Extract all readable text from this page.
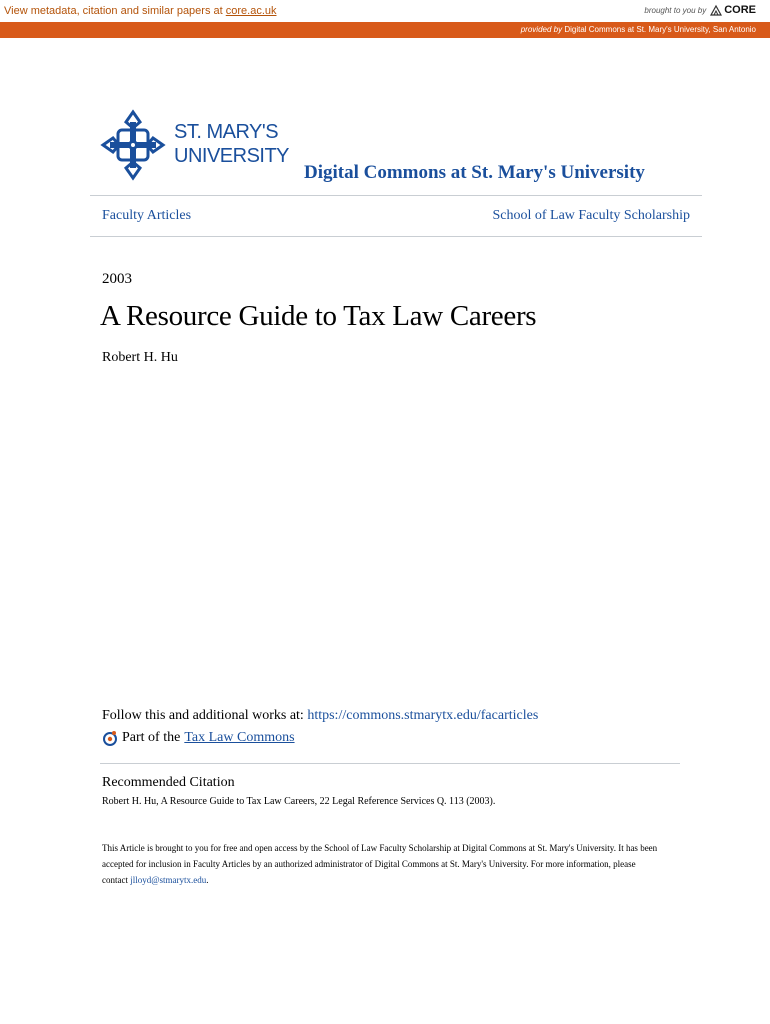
View metadata, citation and similar papers at core.ac.uk	brought to you by CORE
provided by Digital Commons at St. Mary's University, San Antonio
ST. MARY'S
UNIVERSITY
Digital Commons at St. Mary's University
Faculty Articles	School of Law Faculty Scholarship
2003
A Resource Guide to Tax Law Careers
Robert H. Hu
Follow this and additional works at: https://commons.stmarytx.edu/facarticles
Part of the Tax Law Commons
Recommended Citation
Robert H. Hu, A Resource Guide to Tax Law Careers, 22 Legal Reference Services Q. 113 (2003).
This Article is brought to you for free and open access by the School of Law Faculty Scholarship at Digital Commons at St. Mary's University. It has been accepted for inclusion in Faculty Articles by an authorized administrator of Digital Commons at St. Mary's University. For more information, please contact jlloyd@stmarytx.edu.
